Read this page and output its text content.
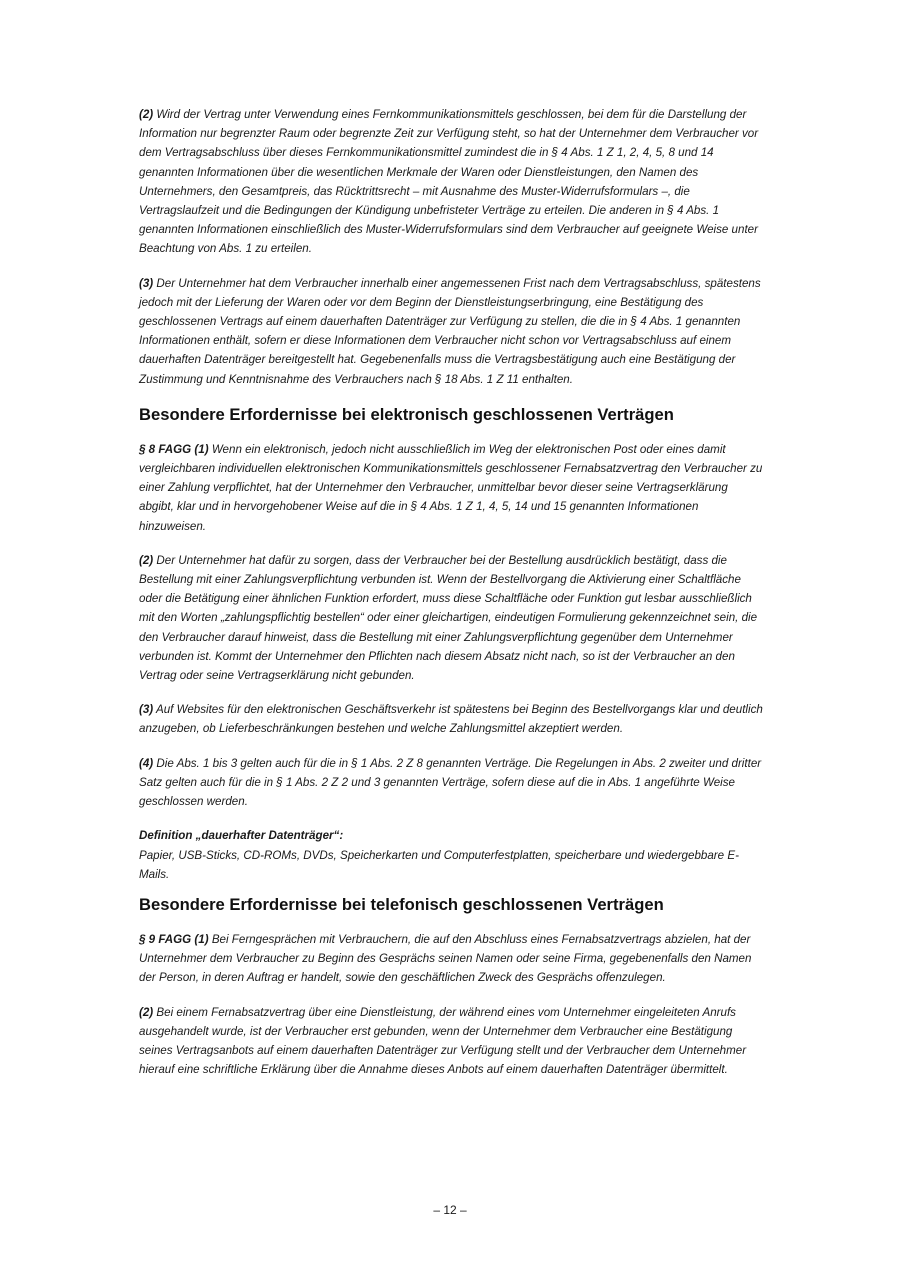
(2) Wird der Vertrag unter Verwendung eines Fernkommunikationsmittels geschlossen, bei dem für die Darstellung der Information nur begrenzter Raum oder begrenzte Zeit zur Verfügung steht, so hat der Unternehmer dem Verbraucher vor dem Vertragsabschluss über dieses Fernkommunikationsmittel zumindest die in § 4 Abs. 1 Z 1, 2, 4, 5, 8 und 14 genannten Informationen über die wesentlichen Merkmale der Waren oder Dienstleistungen, den Namen des Unternehmers, den Gesamtpreis, das Rücktrittsrecht – mit Ausnahme des Muster-Widerrufsformulars –, die Vertragslaufzeit und die Bedingungen der Kündigung unbefristeter Verträge zu erteilen. Die anderen in § 4 Abs. 1 genannten Informationen einschließlich des Muster-Widerrufsformulars sind dem Verbraucher auf geeignete Weise unter Beachtung von Abs. 1 zu erteilen.

(3) Der Unternehmer hat dem Verbraucher innerhalb einer angemessenen Frist nach dem Vertragsabschluss, spätestens jedoch mit der Lieferung der Waren oder vor dem Beginn der Dienstleistungserbringung, eine Bestätigung des geschlossenen Vertrags auf einem dauerhaften Datenträger zur Verfügung zu stellen, die die in § 4 Abs. 1 genannten Informationen enthält, sofern er diese Informationen dem Verbraucher nicht schon vor Vertragsabschluss auf einem dauerhaften Datenträger bereitgestellt hat. Gegebenenfalls muss die Vertragsbestätigung auch eine Bestätigung der Zustimmung und Kenntnisnahme des Verbrauchers nach § 18 Abs. 1 Z 11 enthalten.

Besondere Erfordernisse bei elektronisch geschlossenen Verträgen

§ 8 FAGG (1) Wenn ein elektronisch, jedoch nicht ausschließlich im Weg der elektronischen Post oder eines damit vergleichbaren individuellen elektronischen Kommunikationsmittels geschlossener Fernabsatzvertrag den Verbraucher zu einer Zahlung verpflichtet, hat der Unternehmer den Verbraucher, unmittelbar bevor dieser seine Vertragserklärung abgibt, klar und in hervorgehobener Weise auf die in § 4 Abs. 1 Z 1, 4, 5, 14 und 15 genannten Informationen hinzuweisen.

(2) Der Unternehmer hat dafür zu sorgen, dass der Verbraucher bei der Bestellung ausdrücklich bestätigt, dass die Bestellung mit einer Zahlungsverpflichtung verbunden ist. Wenn der Bestellvorgang die Aktivierung einer Schaltfläche oder die Betätigung einer ähnlichen Funktion erfordert, muss diese Schaltfläche oder Funktion gut lesbar ausschließlich mit den Worten „zahlungspflichtig bestellen“ oder einer gleichartigen, eindeutigen Formulierung gekennzeichnet sein, die den Verbraucher darauf hinweist, dass die Bestellung mit einer Zahlungsverpflichtung gegenüber dem Unternehmer verbunden ist. Kommt der Unternehmer den Pflichten nach diesem Absatz nicht nach, so ist der Verbraucher an den Vertrag oder seine Vertragserklärung nicht gebunden.

(3) Auf Websites für den elektronischen Geschäftsverkehr ist spätestens bei Beginn des Bestellvorgangs klar und deutlich anzugeben, ob Lieferbeschränkungen bestehen und welche Zahlungsmittel akzeptiert werden.

(4) Die Abs. 1 bis 3 gelten auch für die in § 1 Abs. 2 Z 8 genannten Verträge. Die Regelungen in Abs. 2 zweiter und dritter Satz gelten auch für die in § 1 Abs. 2 Z 2 und 3 genannten Verträge, sofern diese auf die in Abs. 1 angeführte Weise geschlossen werden.

Definition „dauerhafter Datenträger“:
Papier, USB-Sticks, CD-ROMs, DVDs, Speicherkarten und Computerfestplatten, speicherbare und wiedergebbare E-Mails.
Besondere Erfordernisse bei telefonisch geschlossenen Verträgen

§ 9 FAGG (1) Bei Ferngesprächen mit Verbrauchern, die auf den Abschluss eines Fernabsatzvertrags abzielen, hat der Unternehmer dem Verbraucher zu Beginn des Gesprächs seinen Namen oder seine Firma, gegebenenfalls den Namen der Person, in deren Auftrag er handelt, sowie den geschäftlichen Zweck des Gesprächs offenzulegen.

(2) Bei einem Fernabsatzvertrag über eine Dienstleistung, der während eines vom Unternehmer eingeleiteten Anrufs ausgehandelt wurde, ist der Verbraucher erst gebunden, wenn der Unternehmer dem Verbraucher eine Bestätigung seines Vertragsanbots auf einem dauerhaften Datenträger zur Verfügung stellt und der Verbraucher dem Unternehmer hierauf eine schriftliche Erklärung über die Annahme dieses Anbots auf einem dauerhaften Datenträger übermittelt.

– 12 –
